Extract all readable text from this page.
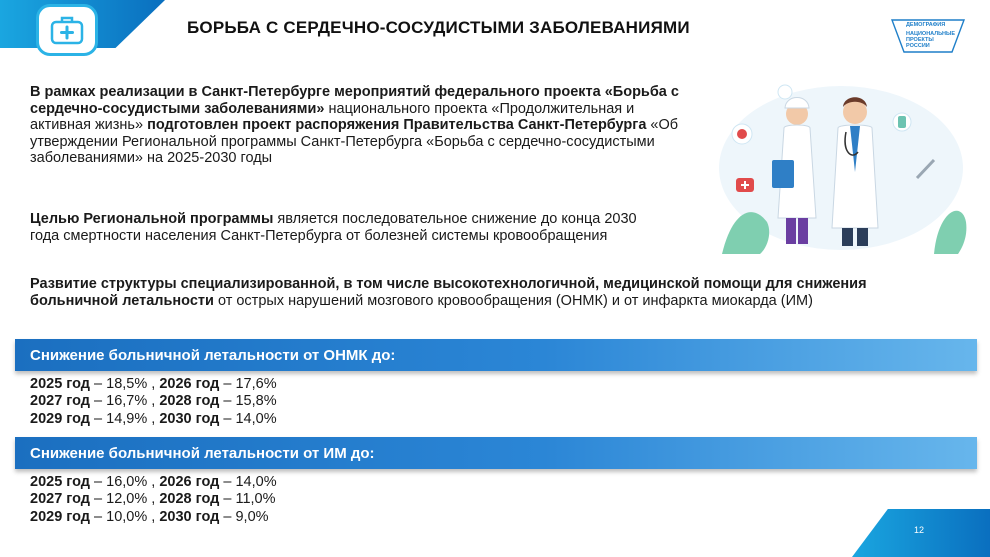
БОРЬБА С СЕРДЕЧНО-СОСУДИСТЫМИ ЗАБОЛЕВАНИЯМИ	ДЕМОГРАФИЯ
НАЦИОНАЛЬНЫЕ
ПРОЕКТЫ
РОССИИ
В рамках реализации в Санкт-Петербурге мероприятий федерального проекта «Борьба с сердечно-сосудистыми заболеваниями» национального проекта «Продолжительная и активная жизнь» подготовлен проект распоряжения Правительства Санкт-Петербурга «Об утверждении Региональной программы Санкт-Петербурга «Борьба с сердечно-сосудистыми заболеваниями» на 2025-2030 годы
Целью Региональной программы является последовательное снижение до конца 2030 года смертности населения Санкт-Петербурга от болезней системы кровообращения
Развитие структуры специализированной, в том числе высокотехнологичной, медицинской помощи для снижения больничной летальности от острых нарушений мозгового кровообращения (ОНМК) и от инфаркта миокарда (ИМ)
Снижение больничной летальности от ОНМК до:
2025 год – 18,5% , 2026 год – 17,6%
2027 год – 16,7% , 2028 год – 15,8%
2029 год – 14,9% , 2030 год – 14,0%
Снижение больничной летальности от ИМ до:
2025 год – 16,0% , 2026 год – 14,0%
2027 год – 12,0% , 2028 год – 11,0%
2029 год – 10,0% , 2030 год – 9,0%
12
